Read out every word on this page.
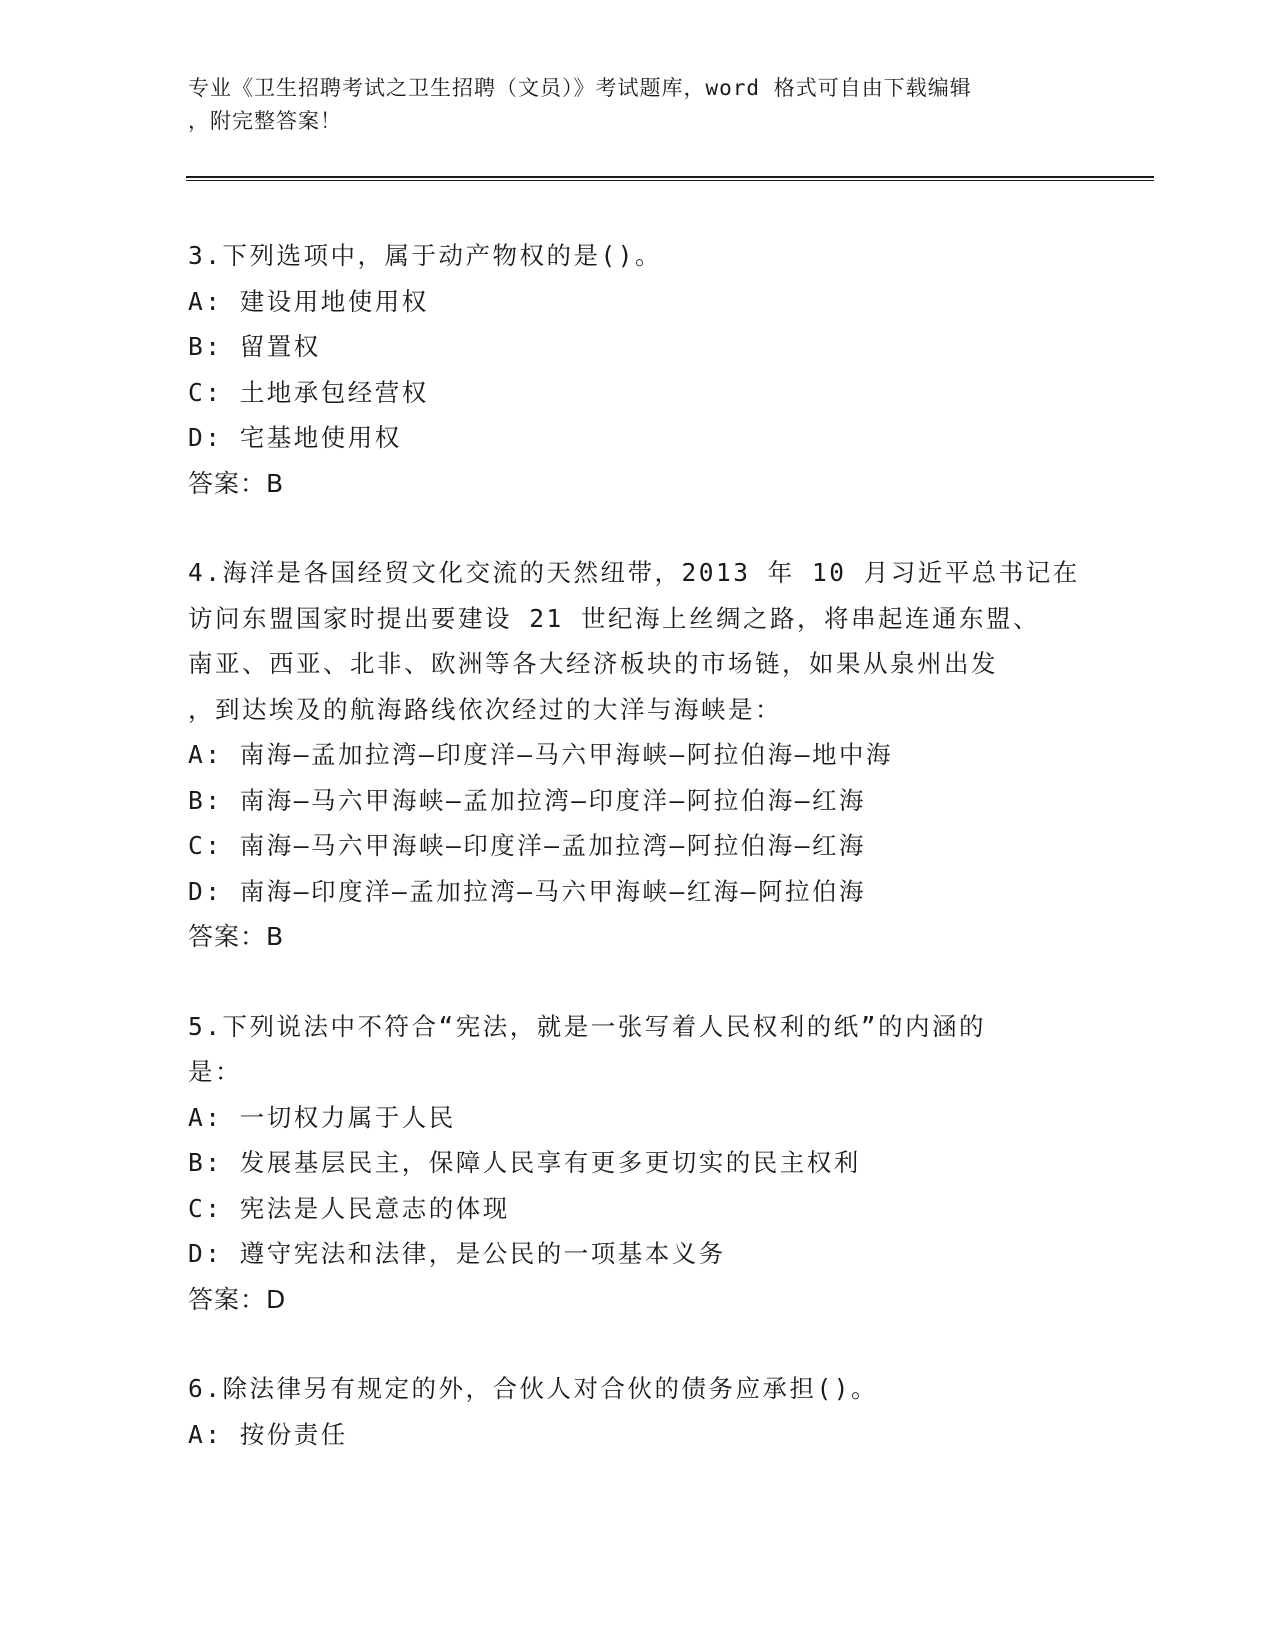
专业《卫生招聘考试之卫生招聘（文员）》考试题库，word 格式可自由下载编辑
，附完整答案！
3.下列选项中，属于动产物权的是()。
A: 建设用地使用权
B: 留置权
C: 土地承包经营权
D: 宅基地使用权
答案：B
4.海洋是各国经贸文化交流的天然纽带，2013 年 10 月习近平总书记在
访问东盟国家时提出要建设 21 世纪海上丝绸之路，将串起连通东盟、
南亚、西亚、北非、欧洲等各大经济板块的市场链，如果从泉州出发
，到达埃及的航海路线依次经过的大洋与海峡是：
A: 南海—孟加拉湾—印度洋—马六甲海峡—阿拉伯海—地中海
B: 南海—马六甲海峡—孟加拉湾—印度洋—阿拉伯海—红海
C: 南海—马六甲海峡—印度洋—孟加拉湾—阿拉伯海—红海
D: 南海—印度洋—孟加拉湾—马六甲海峡—红海—阿拉伯海
答案：B
5.下列说法中不符合“宪法，就是一张写着人民权利的纸”的内涵的
是：
A: 一切权力属于人民
B: 发展基层民主，保障人民享有更多更切实的民主权利
C: 宪法是人民意志的体现
D: 遵守宪法和法律，是公民的一项基本义务
答案：D
6.除法律另有规定的外，合伙人对合伙的债务应承担()。
A: 按份责任
